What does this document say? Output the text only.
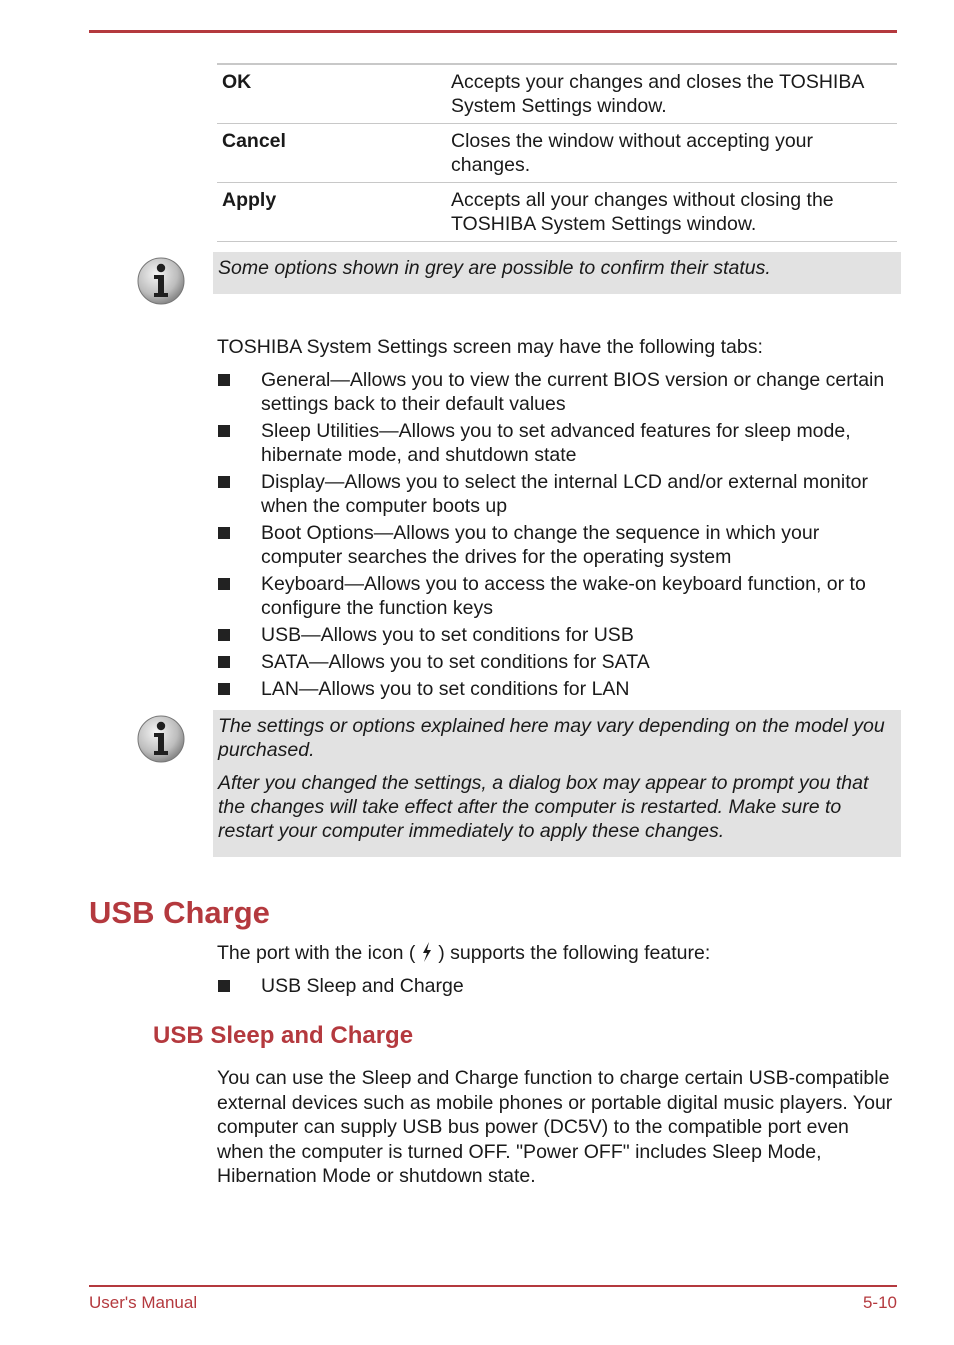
OK	Accepts your changes and closes the TOSHIBA System Settings window.
Cancel	Closes the window without accepting your changes.
Apply	Accepts all your changes without closing the TOSHIBA System Settings window.

Some options shown in grey are possible to confirm their status.

TOSHIBA System Settings screen may have the following tabs:

General—Allows you to view the current BIOS version or change certain settings back to their default values
Sleep Utilities—Allows you to set advanced features for sleep mode, hibernate mode, and shutdown state
Display—Allows you to select the internal LCD and/or external monitor when the computer boots up
Boot Options—Allows you to change the sequence in which your computer searches the drives for the operating system
Keyboard—Allows you to access the wake-on keyboard function, or to configure the function keys
USB—Allows you to set conditions for USB
SATA—Allows you to set conditions for SATA
LAN—Allows you to set conditions for LAN

The settings or options explained here may vary depending on the model you purchased.

After you changed the settings, a dialog box may appear to prompt you that the changes will take effect after the computer is restarted. Make sure to restart your computer immediately to apply these changes.

USB Charge

The port with the icon ( ) supports the following feature:

USB Sleep and Charge
USB Sleep and Charge

You can use the Sleep and Charge function to charge certain USB-compatible external devices such as mobile phones or portable digital music players. Your computer can supply USB bus power (DC5V) to the compatible port even when the computer is turned OFF. "Power OFF" includes Sleep Mode, Hibernation Mode or shutdown state.

User's Manual	5-10
